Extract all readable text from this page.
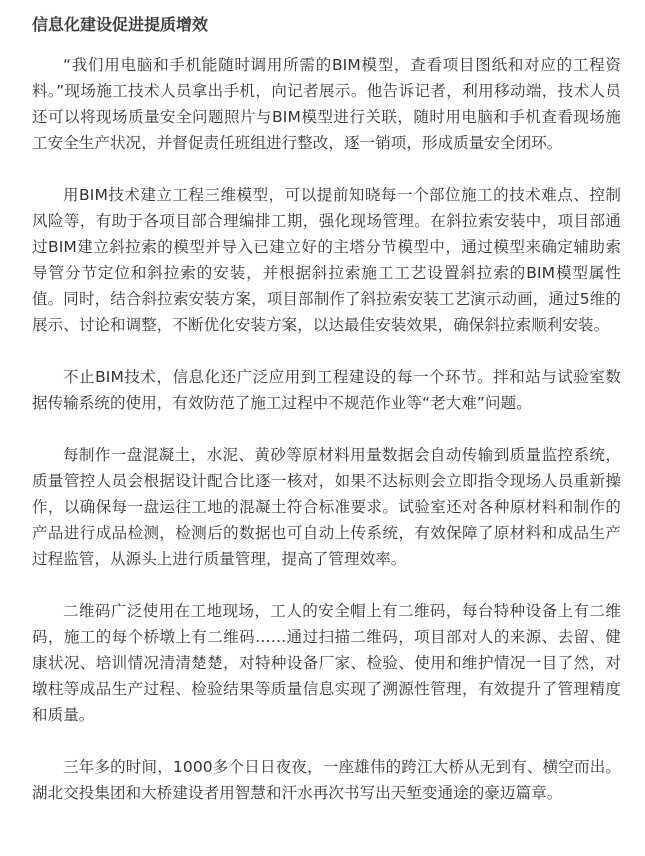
信息化建设促进提质增效

“我们用电脑和手机能随时调用所需的BIM模型，查看项目图纸和对应的工程资料。”现场施工技术人员拿出手机，向记者展示。他告诉记者，利用移动端，技术人员还可以将现场质量安全问题照片与BIM模型进行关联，随时用电脑和手机查看现场施工安全生产状况，并督促责任班组进行整改，逐一销项，形成质量安全闭环。

用BIM技术建立工程三维模型，可以提前知晓每一个部位施工的技术难点、控制风险等，有助于各项目部合理编排工期，强化现场管理。在斜拉索安装中，项目部通过BIM建立斜拉索的模型并导入已建立好的主塔分节模型中，通过模型来确定辅助索导管分节定位和斜拉索的安装，并根据斜拉索施工工艺设置斜拉索的BIM模型属性值。同时，结合斜拉索安装方案，项目部制作了斜拉索安装工艺演示动画，通过5维的展示、讨论和调整，不断优化安装方案，以达最佳安装效果，确保斜拉索顺利安装。

不止BIM技术，信息化还广泛应用到工程建设的每一个环节。拌和站与试验室数据传输系统的使用，有效防范了施工过程中不规范作业等“老大难”问题。

每制作一盘混凝土，水泥、黄砂等原材料用量数据会自动传输到质量监控系统，质量管控人员会根据设计配合比逐一核对，如果不达标则会立即指令现场人员重新操作，以确保每一盘运往工地的混凝土符合标准要求。试验室还对各种原材料和制作的产品进行成品检测，检测后的数据也可自动上传系统，有效保障了原材料和成品生产过程监管，从源头上进行质量管理，提高了管理效率。

二维码广泛使用在工地现场，工人的安全帽上有二维码，每台特种设备上有二维码，施工的每个桥墩上有二维码……通过扫描二维码，项目部对人的来源、去留、健康状况、培训情况清清楚楚，对特种设备厂家、检验、使用和维护情况一目了然，对墩柱等成品生产过程、检验结果等质量信息实现了溯源性管理，有效提升了管理精度和质量。

三年多的时间，1000多个日日夜夜，一座雄伟的跨江大桥从无到有、横空而出。湖北交投集团和大桥建设者用智慧和汗水再次书写出天堑变通途的豪迈篇章。
